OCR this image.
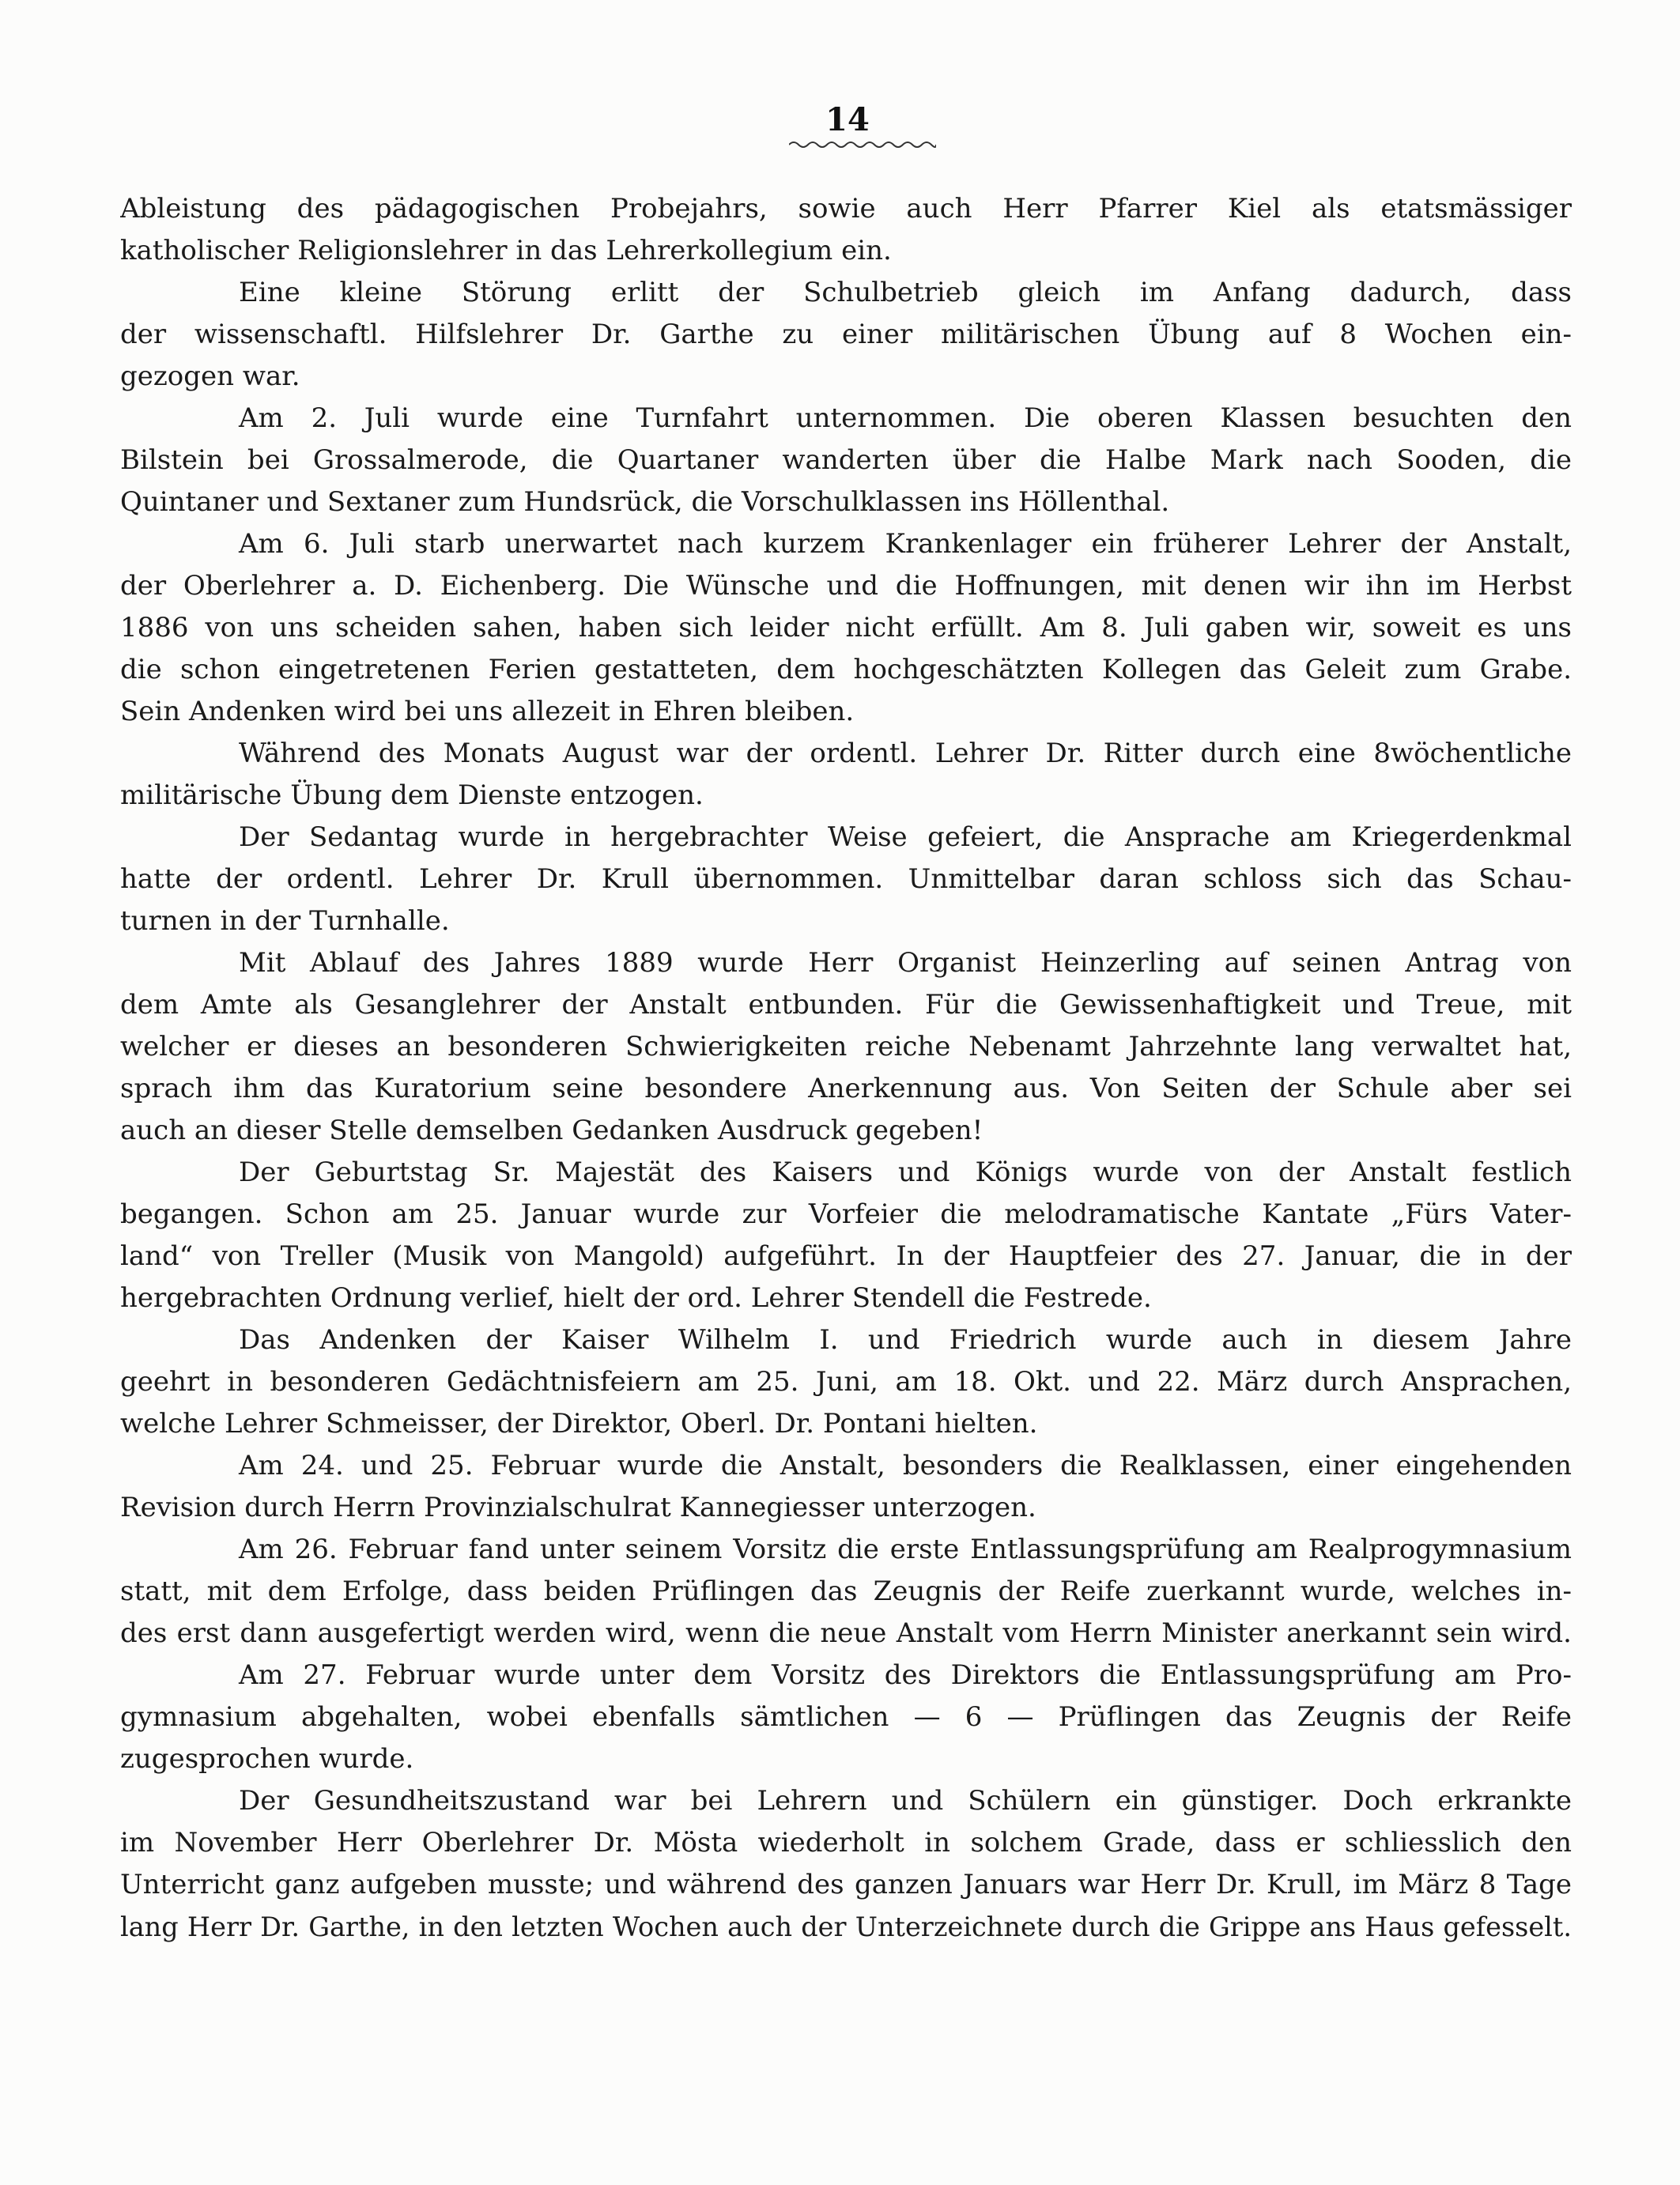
14
Ableistung des pädagogischen Probejahrs, sowie auch Herr Pfarrer Kiel als etatsmässiger
katholischer Religionslehrer in das Lehrerkollegium ein.
Eine kleine Störung erlitt der Schulbetrieb gleich im Anfang dadurch, dass
der wissenschaftl. Hilfslehrer Dr. Garthe zu einer militärischen Übung auf 8 Wochen ein-
gezogen war.
Am 2. Juli wurde eine Turnfahrt unternommen. Die oberen Klassen besuchten den
Bilstein bei Grossalmerode, die Quartaner wanderten über die Halbe Mark nach Sooden, die
Quintaner und Sextaner zum Hundsrück, die Vorschulklassen ins Höllenthal.
Am 6. Juli starb unerwartet nach kurzem Krankenlager ein früherer Lehrer der Anstalt,
der Oberlehrer a. D. Eichenberg. Die Wünsche und die Hoffnungen, mit denen wir ihn im Herbst
1886 von uns scheiden sahen, haben sich leider nicht erfüllt. Am 8. Juli gaben wir, soweit es uns
die schon eingetretenen Ferien gestatteten, dem hochgeschätzten Kollegen das Geleit zum Grabe.
Sein Andenken wird bei uns allezeit in Ehren bleiben.
Während des Monats August war der ordentl. Lehrer Dr. Ritter durch eine 8wöchentliche
militärische Übung dem Dienste entzogen.
Der Sedantag wurde in hergebrachter Weise gefeiert, die Ansprache am Kriegerdenkmal
hatte der ordentl. Lehrer Dr. Krull übernommen. Unmittelbar daran schloss sich das Schau-
turnen in der Turnhalle.
Mit Ablauf des Jahres 1889 wurde Herr Organist Heinzerling auf seinen Antrag von
dem Amte als Gesanglehrer der Anstalt entbunden. Für die Gewissenhaftigkeit und Treue, mit
welcher er dieses an besonderen Schwierigkeiten reiche Nebenamt Jahrzehnte lang verwaltet hat,
sprach ihm das Kuratorium seine besondere Anerkennung aus. Von Seiten der Schule aber sei
auch an dieser Stelle demselben Gedanken Ausdruck gegeben!
Der Geburtstag Sr. Majestät des Kaisers und Königs wurde von der Anstalt festlich
begangen. Schon am 25. Januar wurde zur Vorfeier die melodramatische Kantate „Fürs Vater-
land“ von Treller (Musik von Mangold) aufgeführt. In der Hauptfeier des 27. Januar, die in der
hergebrachten Ordnung verlief, hielt der ord. Lehrer Stendell die Festrede.
Das Andenken der Kaiser Wilhelm I. und Friedrich wurde auch in diesem Jahre
geehrt in besonderen Gedächtnisfeiern am 25. Juni, am 18. Okt. und 22. März durch Ansprachen,
welche Lehrer Schmeisser, der Direktor, Oberl. Dr. Pontani hielten.
Am 24. und 25. Februar wurde die Anstalt, besonders die Realklassen, einer eingehenden
Revision durch Herrn Provinzialschulrat Kannegiesser unterzogen.
Am 26. Februar fand unter seinem Vorsitz die erste Entlassungsprüfung am Realprogymnasium
statt, mit dem Erfolge, dass beiden Prüflingen das Zeugnis der Reife zuerkannt wurde, welches in-
des erst dann ausgefertigt werden wird, wenn die neue Anstalt vom Herrn Minister anerkannt sein wird.
Am 27. Februar wurde unter dem Vorsitz des Direktors die Entlassungsprüfung am Pro-
gymnasium abgehalten, wobei ebenfalls sämtlichen — 6 — Prüflingen das Zeugnis der Reife
zugesprochen wurde.
Der Gesundheitszustand war bei Lehrern und Schülern ein günstiger. Doch erkrankte
im November Herr Oberlehrer Dr. Mösta wiederholt in solchem Grade, dass er schliesslich den
Unterricht ganz aufgeben musste; und während des ganzen Januars war Herr Dr. Krull, im März 8 Tage
lang Herr Dr. Garthe, in den letzten Wochen auch der Unterzeichnete durch die Grippe ans Haus gefesselt.
